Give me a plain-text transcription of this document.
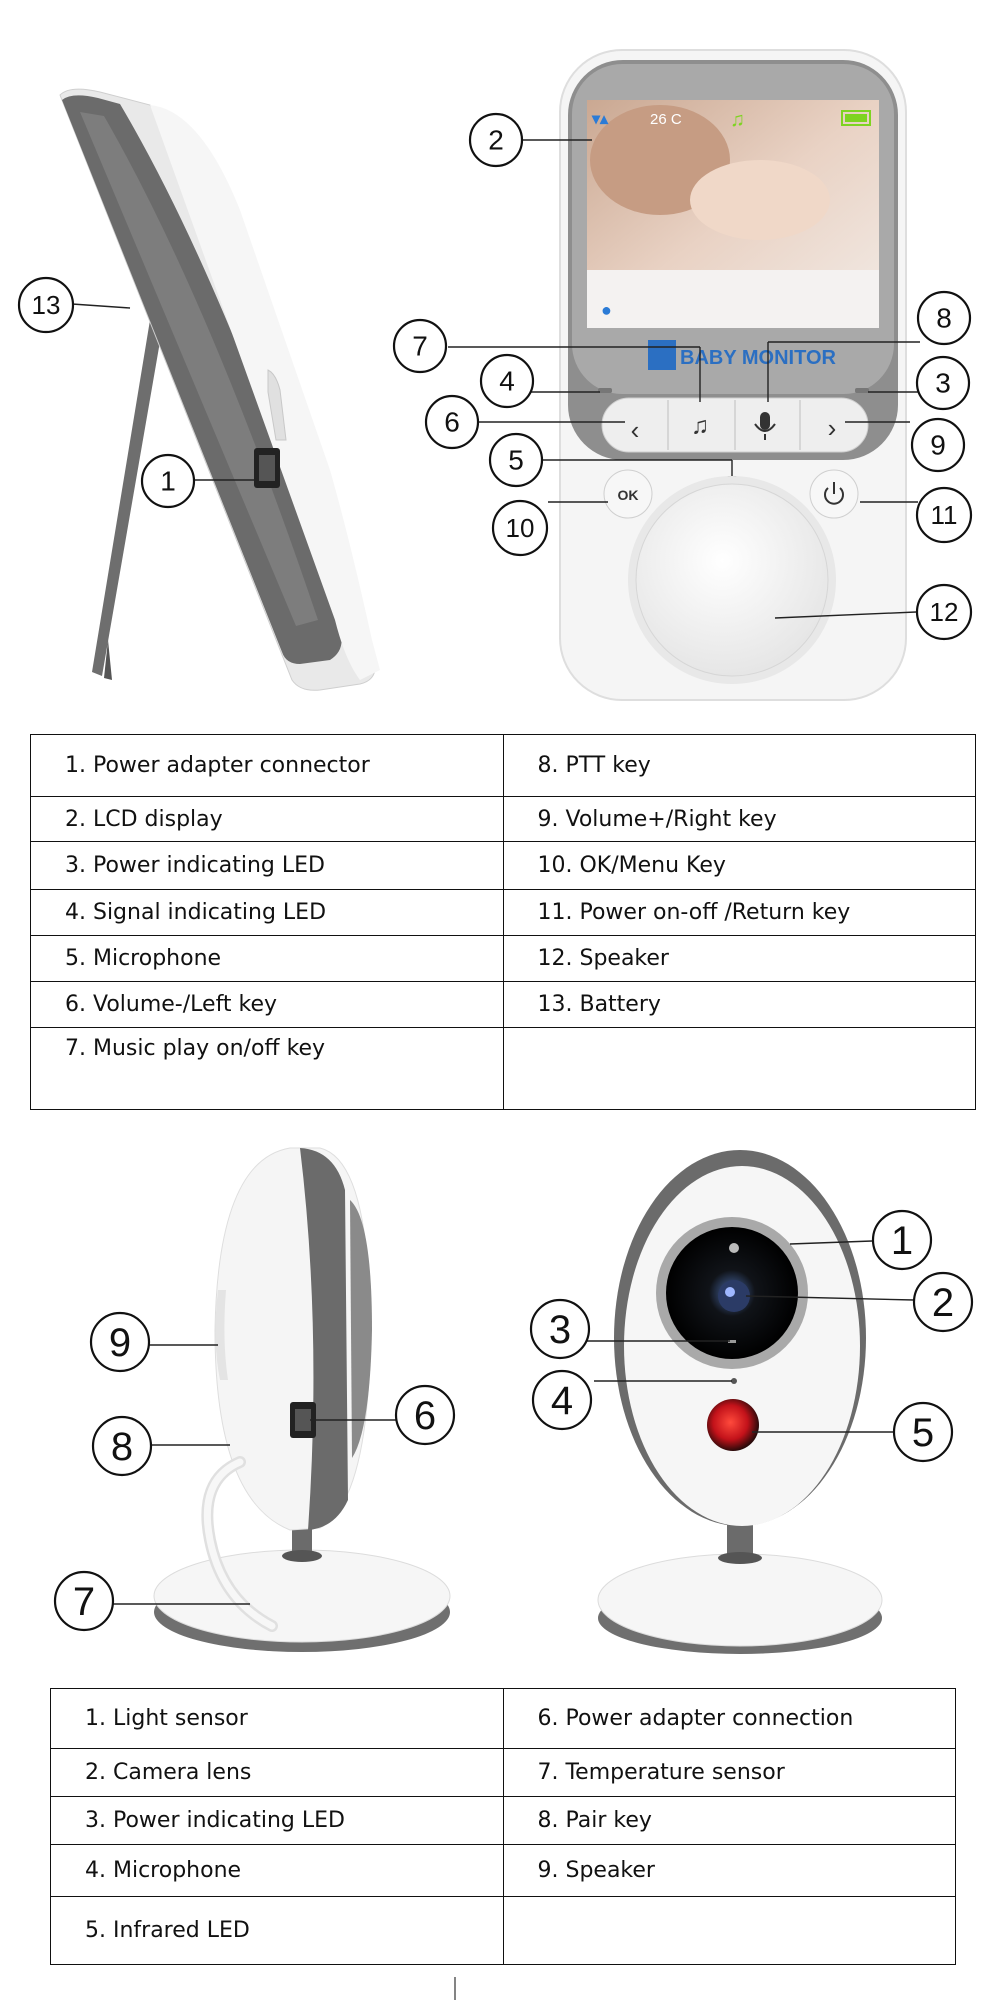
▾▴	26 C ♫
●
BABY MONITOR
‹ ♫	›
OK
1
2
3
4
5
6
7
8
9
10	11
12
13
1
2
3
4
5
6
7
8
9
1. Power adapter connector	8. PTT key
2. LCD display	9. Volume+/Right key
3. Power indicating LED	10. OK/Menu Key
4. Signal indicating LED	11. Power on-off /Return key
5. Microphone	12. Speaker
6. Volume-/Left key	13. Battery
7. Music play on/off key	
1. Light sensor	6. Power adapter connection
2. Camera lens	7. Temperature sensor
3. Power indicating LED	8. Pair key
4. Microphone	9. Speaker
5. Infrared LED	
